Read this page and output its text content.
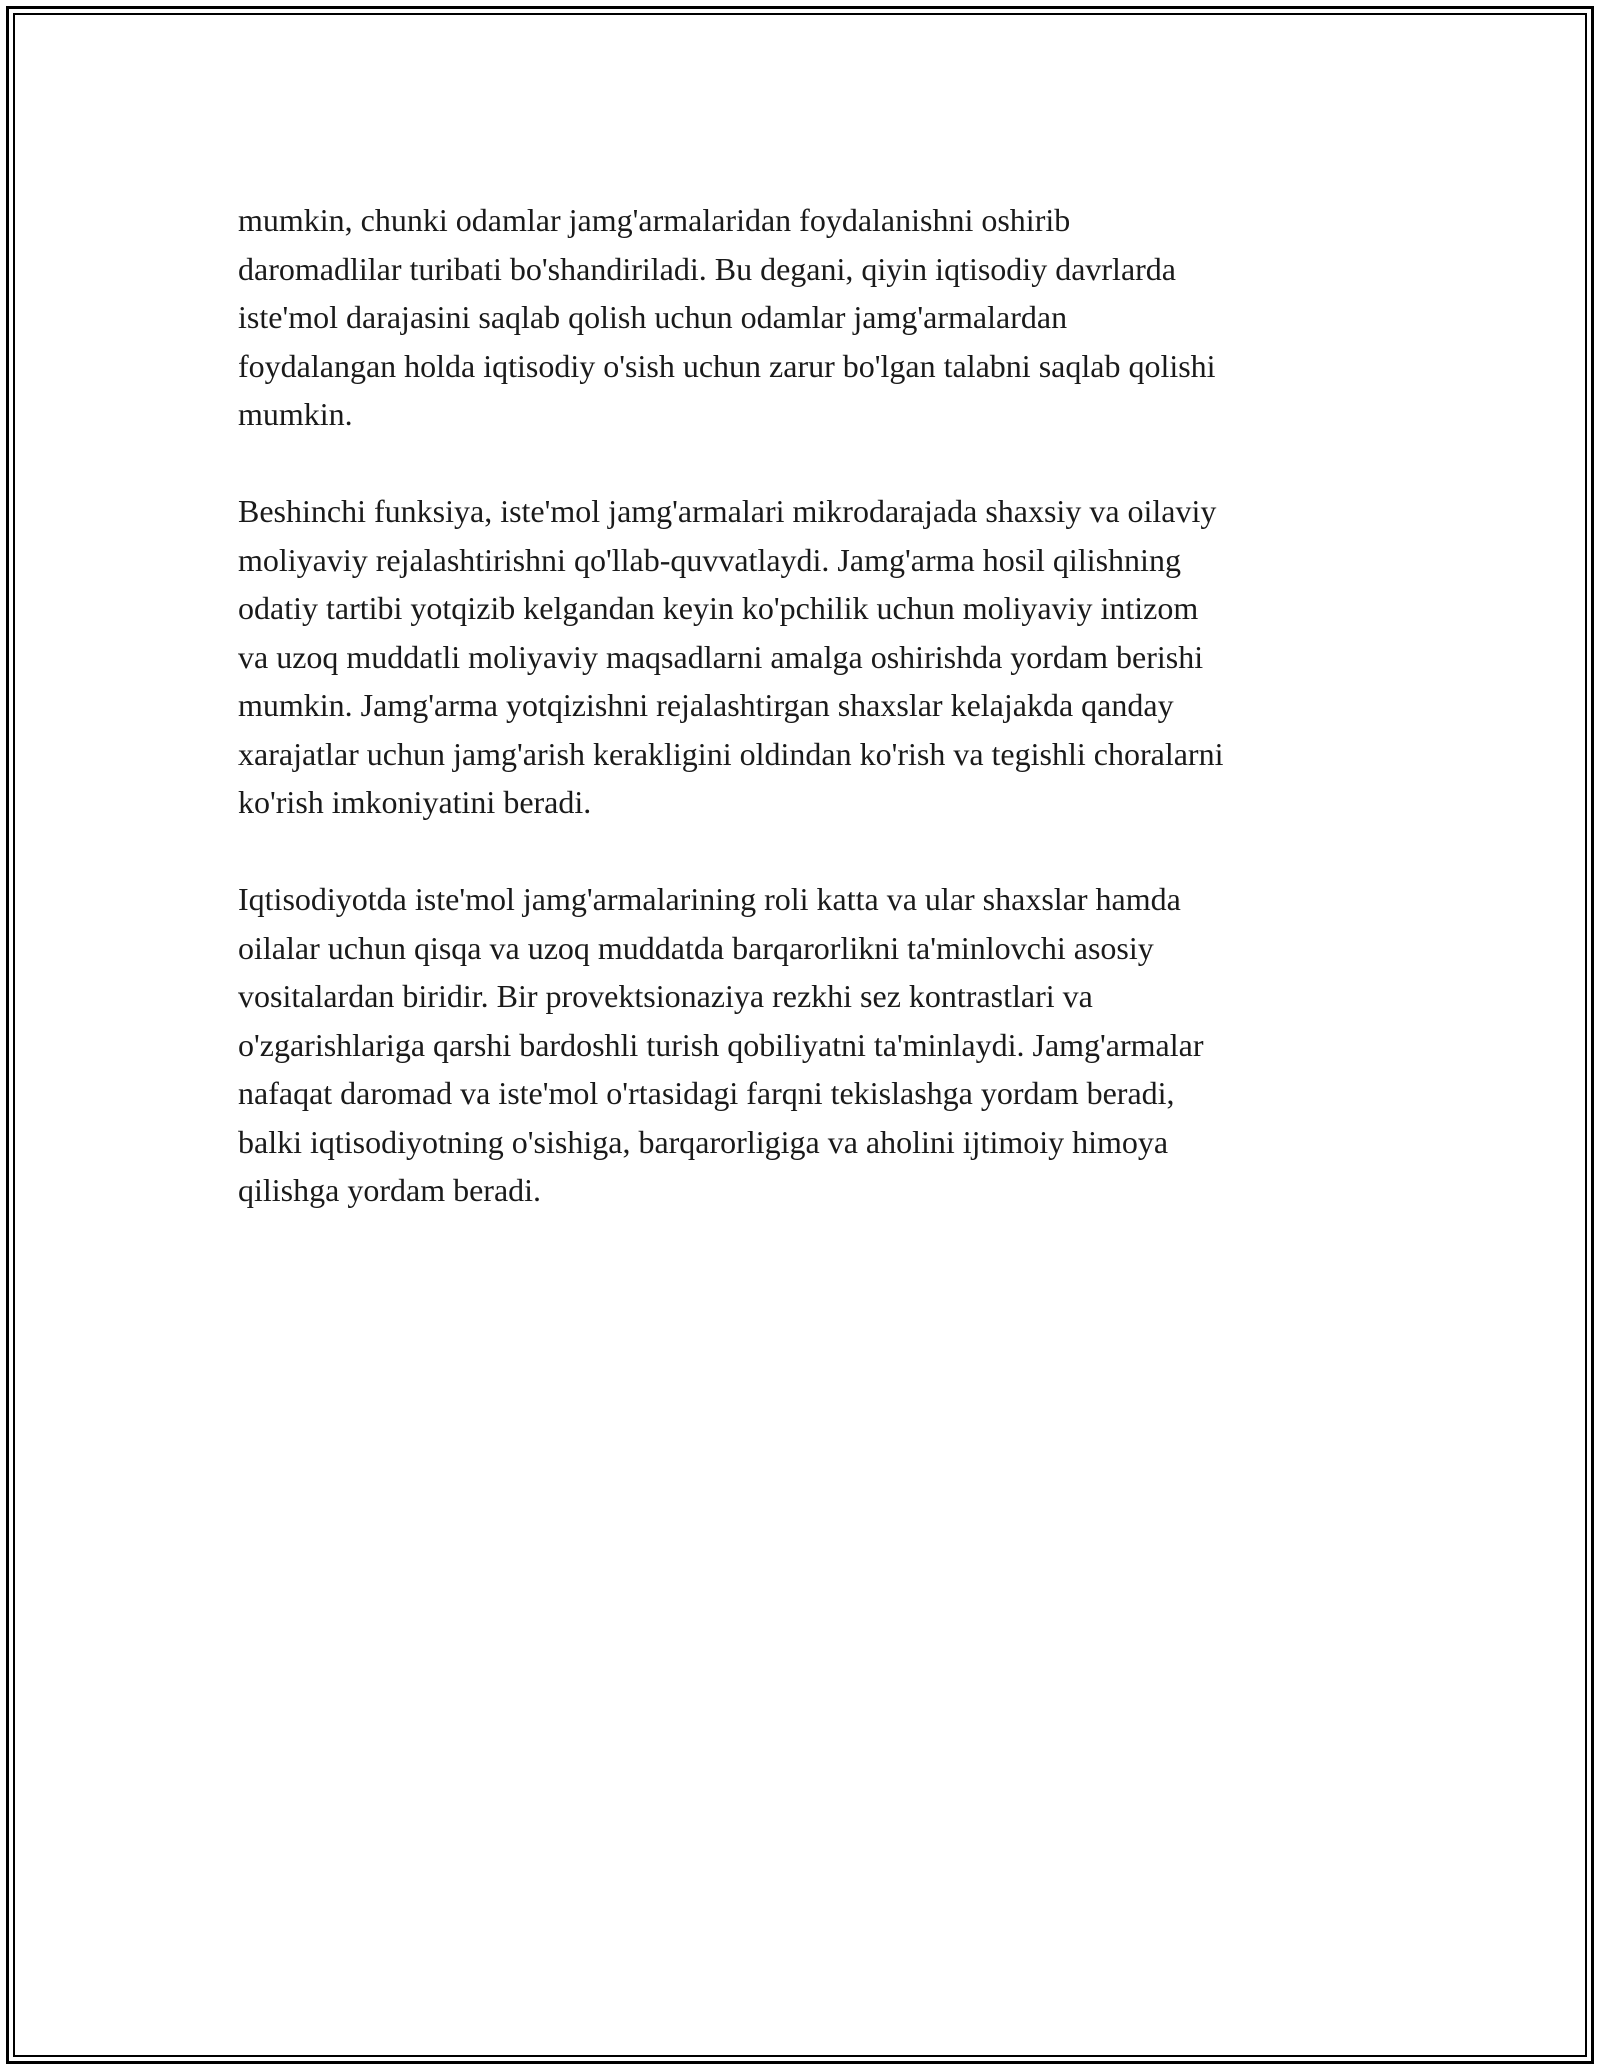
mumkin, chunki odamlar jamg'armalaridan foydalanishni oshirib
daromadlilar turibati bo'shandiriladi. Bu degani, qiyin iqtisodiy davrlarda
iste'mol darajasini saqlab qolish uchun odamlar jamg'armalardan
foydalangan holda iqtisodiy o'sish uchun zarur bo'lgan talabni saqlab qolishi
mumkin.

Beshinchi funksiya, iste'mol jamg'armalari mikrodarajada shaxsiy va oilaviy
moliyaviy rejalashtirishni qo'llab-quvvatlaydi. Jamg'arma hosil qilishning
odatiy tartibi yotqizib kelgandan keyin ko'pchilik uchun moliyaviy intizom
va uzoq muddatli moliyaviy maqsadlarni amalga oshirishda yordam berishi
mumkin. Jamg'arma yotqizishni rejalashtirgan shaxslar kelajakda qanday
xarajatlar uchun jamg'arish kerakligini oldindan ko'rish va tegishli choralarni
ko'rish imkoniyatini beradi.

Iqtisodiyotda iste'mol jamg'armalarining roli katta va ular shaxslar hamda
oilalar uchun qisqa va uzoq muddatda barqarorlikni ta'minlovchi asosiy
vositalardan biridir. Bir provektsionaziya rezkhi sez kontrastlari va
o'zgarishlariga qarshi bardoshli turish qobiliyatni ta'minlaydi. Jamg'armalar
nafaqat daromad va iste'mol o'rtasidagi farqni tekislashga yordam beradi,
balki iqtisodiyotning o'sishiga, barqarorligiga va aholini ijtimoiy himoya
qilishga yordam beradi.
